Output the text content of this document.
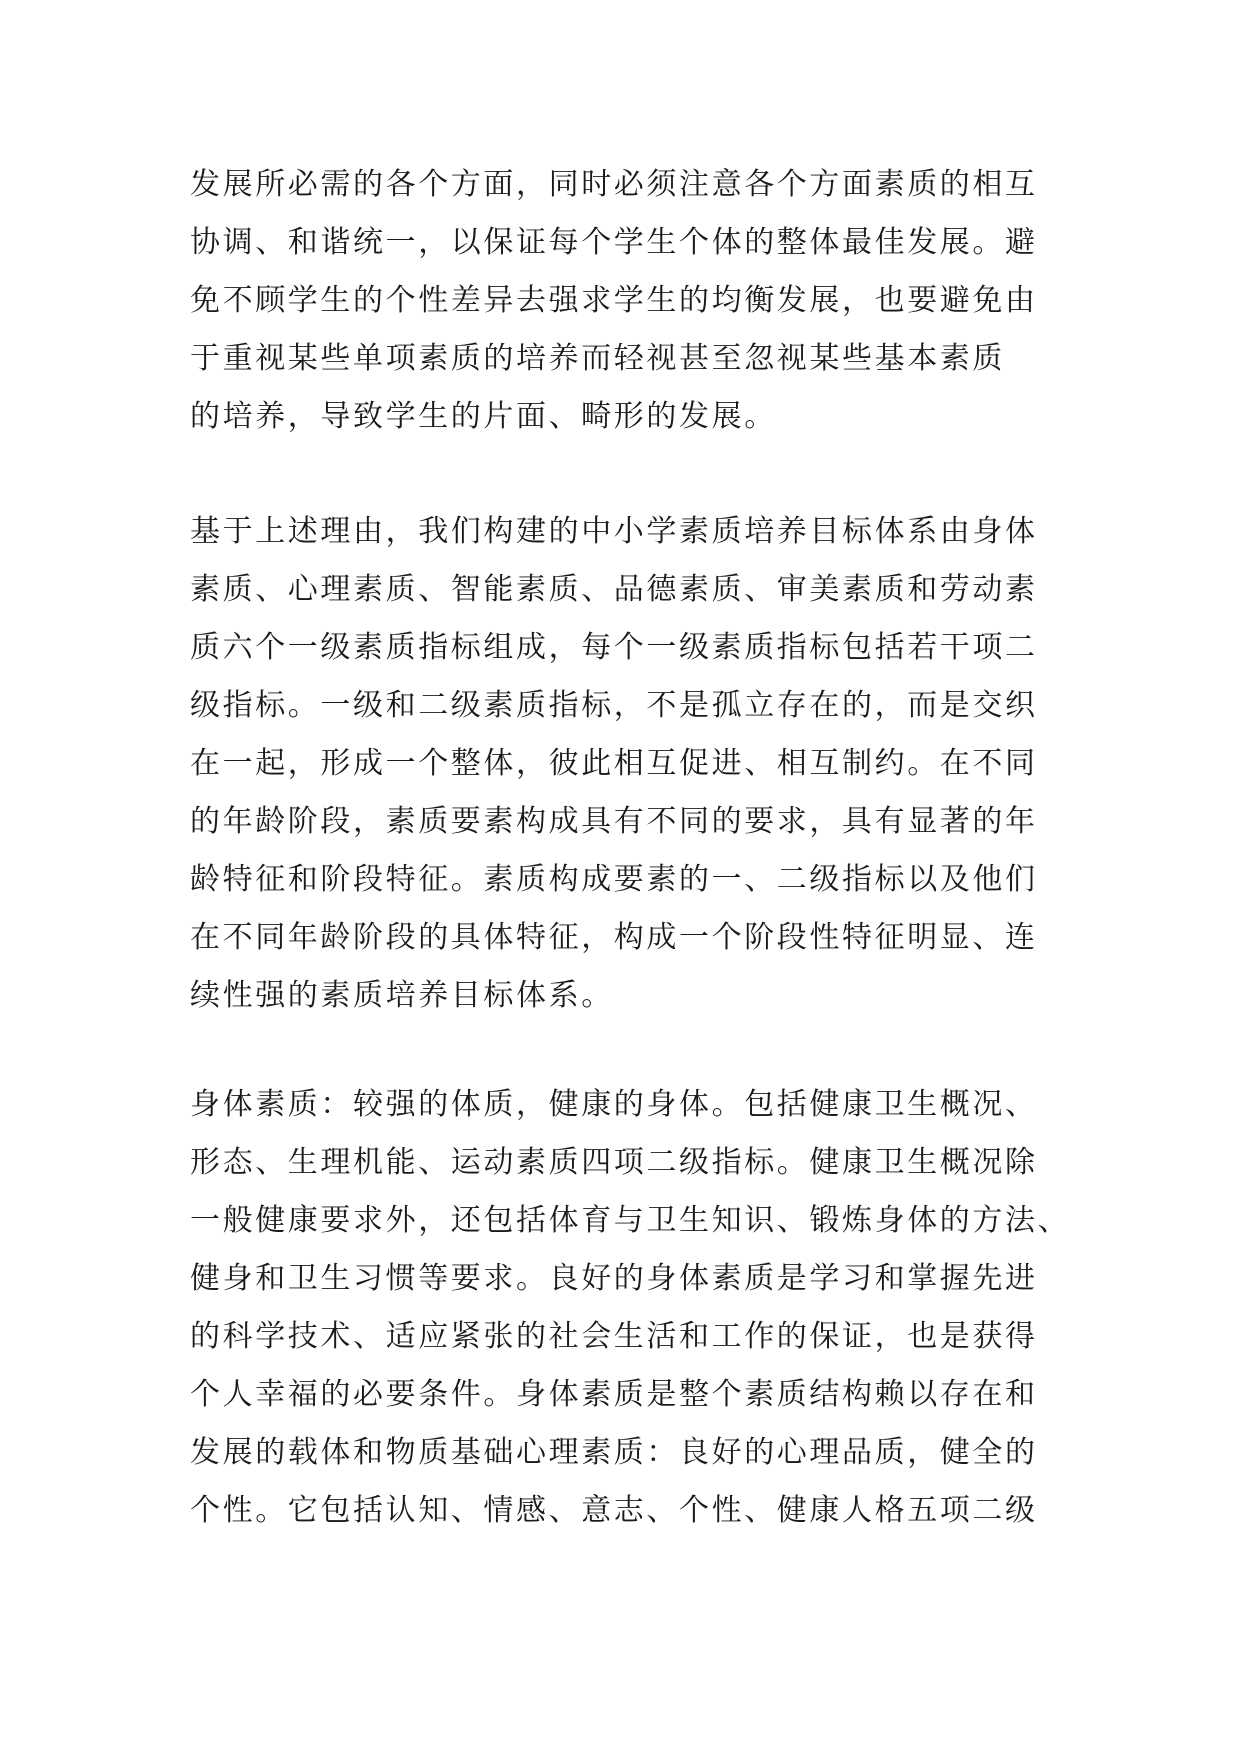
发展所必需的各个方面，同时必须注意各个方面素质的相互
协调、和谐统一，以保证每个学生个体的整体最佳发展。避
免不顾学生的个性差异去强求学生的均衡发展，也要避免由
于重视某些单项素质的培养而轻视甚至忽视某些基本素质
的培养，导致学生的片面、畸形的发展。
基于上述理由，我们构建的中小学素质培养目标体系由身体
素质、心理素质、智能素质、品德素质、审美素质和劳动素
质六个一级素质指标组成，每个一级素质指标包括若干项二
级指标。一级和二级素质指标，不是孤立存在的，而是交织
在一起，形成一个整体，彼此相互促进、相互制约。在不同
的年龄阶段，素质要素构成具有不同的要求，具有显著的年
龄特征和阶段特征。素质构成要素的一、二级指标以及他们
在不同年龄阶段的具体特征，构成一个阶段性特征明显、连
续性强的素质培养目标体系。
身体素质：较强的体质，健康的身体。包括健康卫生概况、
形态、生理机能、运动素质四项二级指标。健康卫生概况除
一般健康要求外，还包括体育与卫生知识、锻炼身体的方法、
健身和卫生习惯等要求。良好的身体素质是学习和掌握先进
的科学技术、适应紧张的社会生活和工作的保证，也是获得
个人幸福的必要条件。身体素质是整个素质结构赖以存在和
发展的载体和物质基础心理素质：良好的心理品质，健全的
个性。它包括认知、情感、意志、个性、健康人格五项二级
